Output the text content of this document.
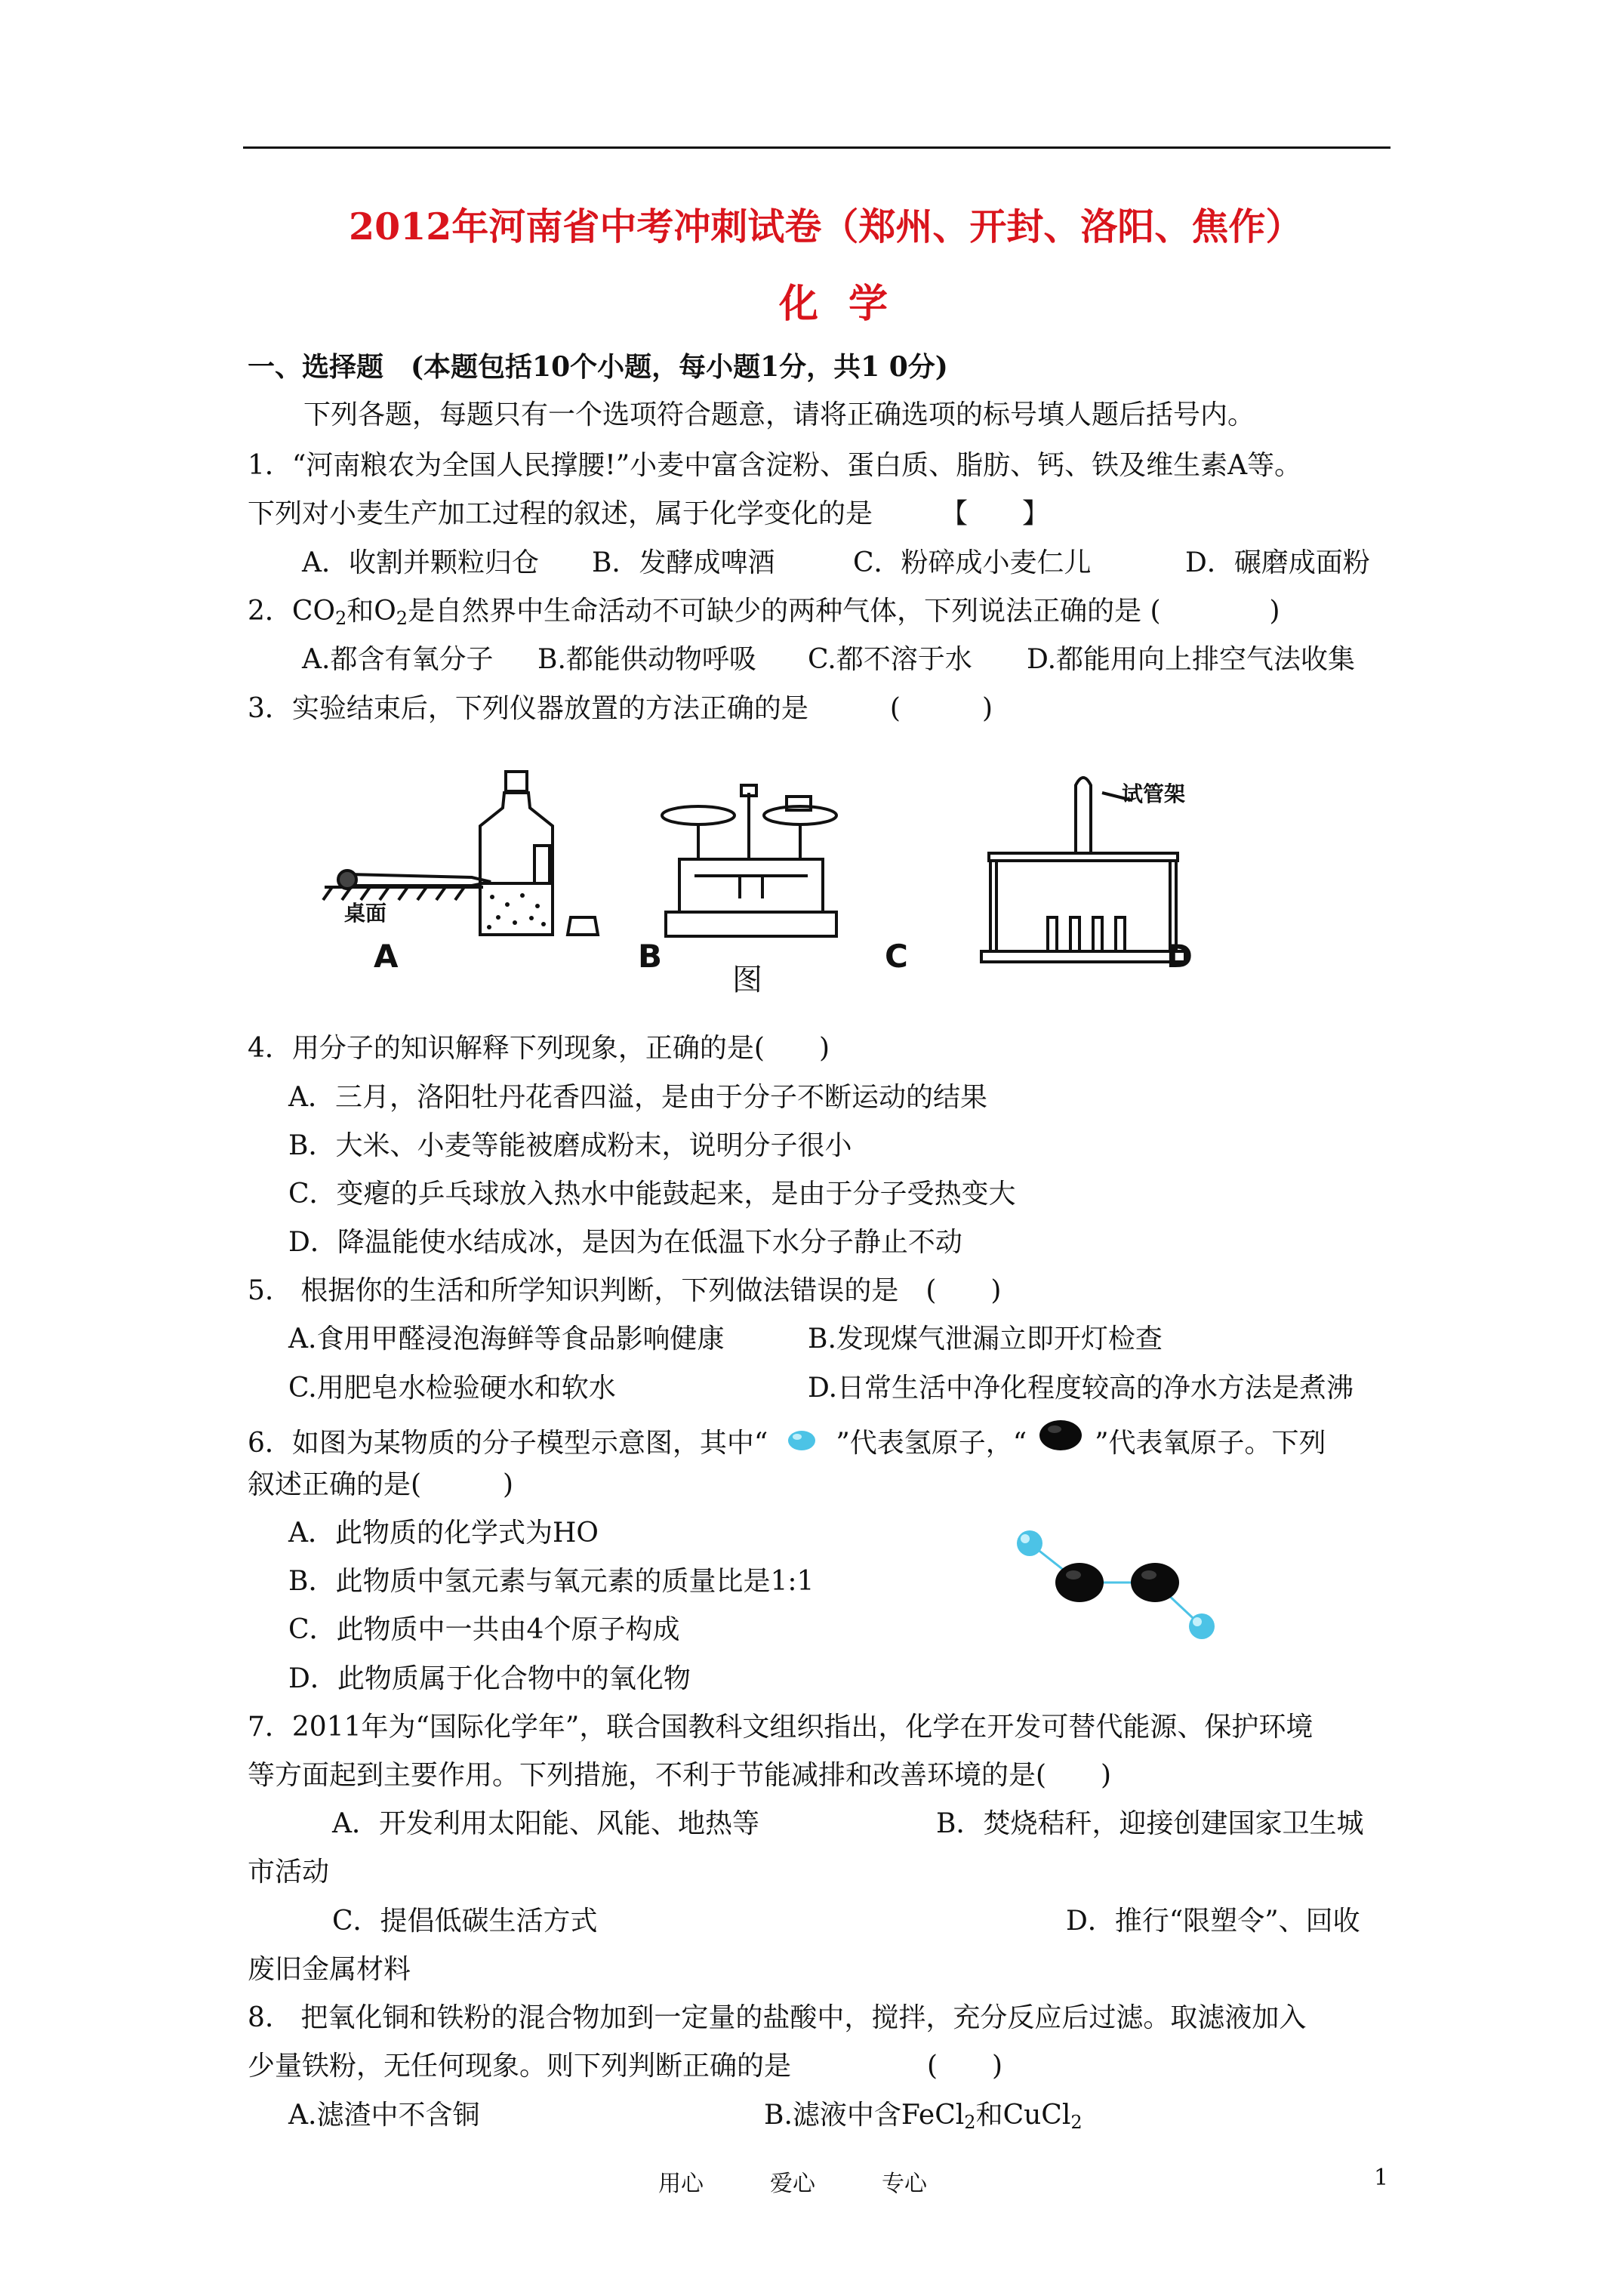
2012年河南省中考冲刺试卷（郑州、开封、洛阳、焦作）
化学
一、选择题　(本题包括10个小题，每小题1分，共1 0分)
下列各题，每题只有一个选项符合题意，请将正确选项的标号填人题后括号内。
1．“河南粮农为全国人民撑腰!”小麦中富含淀粉、蛋白质、脂肪、钙、铁及维生素A等。
下列对小麦生产加工过程的叙述，属于化学变化的是　　　【　　】
A．收割并颗粒归仓 B．发酵成啤酒	C．粉碎成小麦仁儿	D．碾磨成面粉
2．$CO_2$和$O_2$是自然界中生命活动不可缺少的两种气体，下列说法正确的是 (　　　　)
A.都含有氧分子 B.都能供动物呼吸 C.都不溶于水 D.都能用向上排空气法收集
3．实验结束后，下列仪器放置的方法正确的是　　　(　　　)
桌面
试管架
A	B	C	D
图
4．用分子的知识解释下列现象，正确的是(　　)
A．三月，洛阳牡丹花香四溢，是由于分子不断运动的结果
B．大米、小麦等能被磨成粉末，说明分子很小
C．变瘪的乒乓球放入热水中能鼓起来，是由于分子受热变大
D．降温能使水结成冰，是因为在低温下水分子静止不动
5.　根据你的生活和所学知识判断，下列做法错误的是　(　　)
A.食用甲醛浸泡海鲜等食品影响健康	B.发现煤气泄漏立即开灯检查
C.用肥皂水检验硬水和软水	D.日常生活中净化程度较高的净水方法是煮沸
6．如图为某物质的分子模型示意图，其中“	”代表氢原子，“	”代表氧原子。下列
叙述正确的是(　　　)
A．此物质的化学式为HO
B．此物质中氢元素与氧元素的质量比是1:1
C．此物质中一共由4个原子构成
D．此物质属于化合物中的氧化物
7．2011年为“国际化学年”，联合国教科文组织指出，化学在开发可替代能源、保护环境
等方面起到主要作用。下列措施，不利于节能减排和改善环境的是(　　)
A．开发利用太阳能、风能、地热等	B．焚烧秸秆，迎接创建国家卫生城
市活动
C．提倡低碳生活方式	D．推行“限塑令”、回收
废旧金属材料
8.　把氧化铜和铁粉的混合物加到一定量的盐酸中，搅拌，充分反应后过滤。取滤液加入
少量铁粉，无任何现象。则下列判断正确的是　　　　　(　　)
A.滤渣中不含铜	B.滤液中含FeCl$_2$和CuCl$_2$
用心	爱心	专心	1
